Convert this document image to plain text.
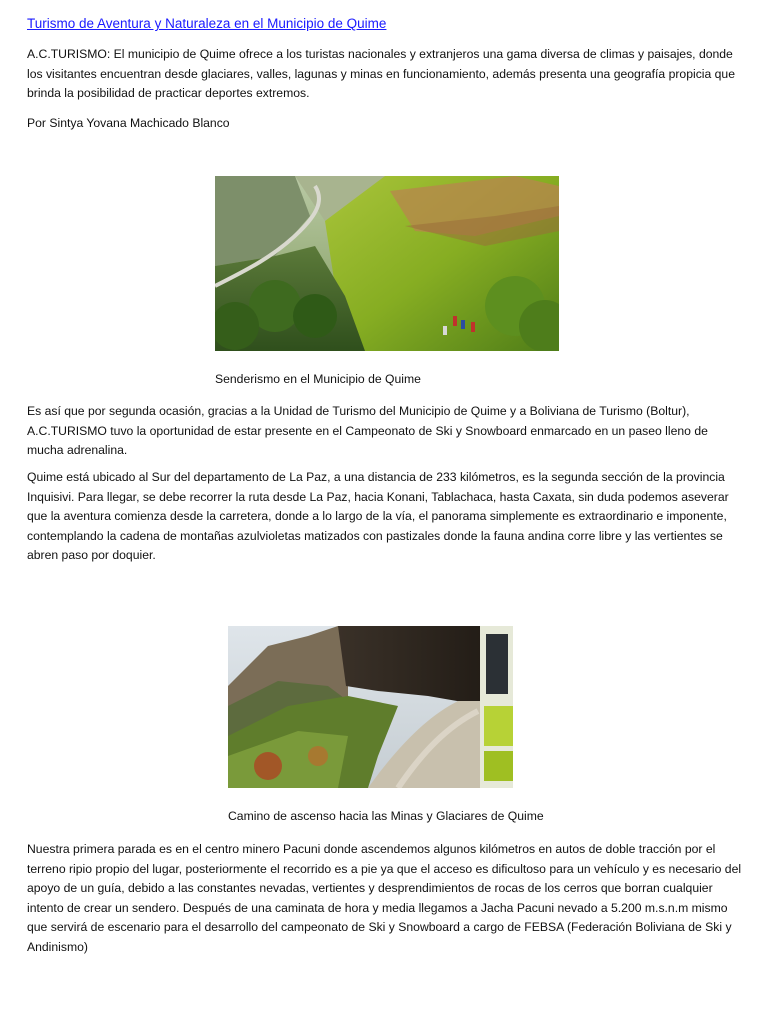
Turismo de Aventura y Naturaleza en el Municipio de Quime

A.C.TURISMO: El municipio de Quime ofrece a los turistas nacionales y extranjeros una gama diversa de climas y paisajes, donde los visitantes encuentran desde glaciares, valles, lagunas y minas en funcionamiento, además presenta una geografía propicia que brinda la posibilidad de practicar deportes extremos.

Por Sintya Yovana Machicado Blanco
Senderismo en el Municipio de Quime

Es así que por segunda ocasión, gracias a la Unidad de Turismo del Municipio de Quime y a Boliviana de Turismo (Boltur), A.C.TURISMO tuvo la oportunidad de estar presente en el Campeonato de Ski y Snowboard enmarcado en un paseo lleno de mucha adrenalina.

Quime está ubicado al Sur del departamento de La Paz, a una distancia de 233 kilómetros, es la segunda sección de la provincia Inquisivi. Para llegar, se debe recorrer la ruta desde La Paz, hacia Konani, Tablachaca, hasta Caxata, sin duda podemos aseverar que la aventura comienza desde la carretera, donde a lo largo de la vía, el panorama simplemente es extraordinario e imponente, contemplando la cadena de montañas azulvioletas matizados con pastizales donde la fauna andina corre libre y las vertientes se abren paso por doquier.

Camino de ascenso hacia las Minas y Glaciares de Quime

Nuestra primera parada es en el centro minero Pacuni donde ascendemos algunos kilómetros en autos de doble tracción por el terreno ripio propio del lugar, posteriormente el recorrido es a pie ya que el acceso es dificultoso para un vehículo y es necesario del apoyo de un guía, debido a las constantes nevadas, vertientes y desprendimientos de rocas de los cerros que borran cualquier intento de crear un sendero. Después de una caminata de hora y media llegamos a Jacha Pacuni nevado a 5.200 m.s.n.m mismo que servirá de escenario para el desarrollo del campeonato de Ski y Snowboard a cargo de FEBSA (Federación Boliviana de Ski y Andinismo)
